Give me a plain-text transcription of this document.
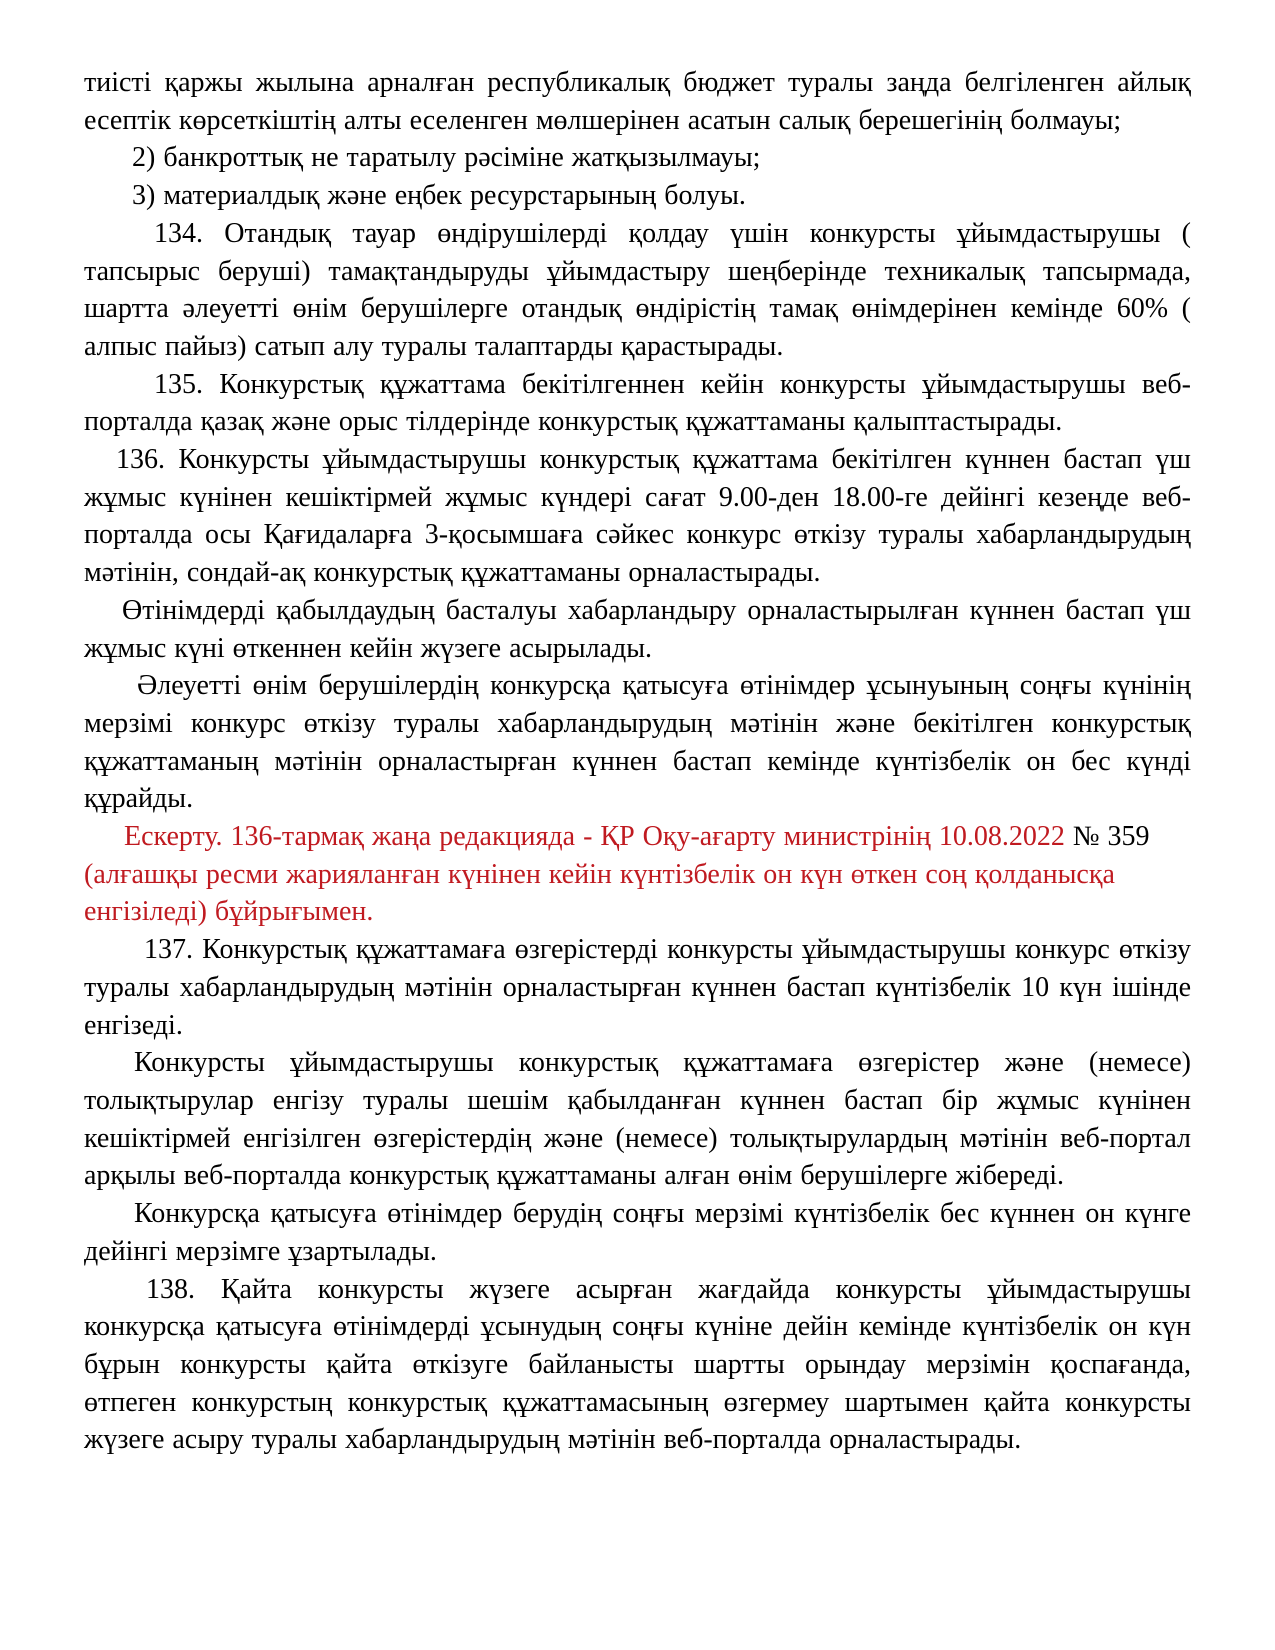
тиісті қаржы жылына арналған республикалық бюджет туралы заңда белгіленген айлық есептік көрсеткіштің алты еселенген мөлшерінен асатын салық берешегінің болмауы;

2) банкроттық не таратылу рәсіміне жатқызылмауы;

3) материалдық және еңбек ресурстарының болуы.

134. Отандық тауар өндірушілерді қолдау үшін конкурсты ұйымдастырушы ( тапсырыс беруші) тамақтандыруды ұйымдастыру шеңберінде техникалық тапсырмада, шартта әлеуетті өнім берушілерге отандық өндірістің тамақ өнімдерінен кемінде 60% ( алпыс пайыз) сатып алу туралы талаптарды қарастырады.

135. Конкурстық құжаттама бекітілгеннен кейін конкурсты ұйымдастырушы веб-порталда қазақ және орыс тілдерінде конкурстық құжаттаманы қалыптастырады.

136. Конкурсты ұйымдастырушы конкурстық құжаттама бекітілген күннен бастап үш жұмыс күнінен кешіктірмей жұмыс күндері сағат 9.00-ден 18.00-ге дейінгі кезеңде веб-порталда осы Қағидаларға 3-қосымшаға сәйкес конкурс өткізу туралы хабарландырудың мәтінін, сондай-ақ конкурстық құжаттаманы орналастырады.

Өтінімдерді қабылдаудың басталуы хабарландыру орналастырылған күннен бастап үш жұмыс күні өткеннен кейін жүзеге асырылады.

Әлеуетті өнім берушілердің конкурсқа қатысуға өтінімдер ұсынуының соңғы күнінің мерзімі конкурс өткізу туралы хабарландырудың мәтінін және бекітілген конкурстық құжаттаманың мәтінін орналастырған күннен бастап кемінде күнтізбелік он бес күнді құрайды.

Ескерту. 136-тармақ жаңа редакцияда - ҚР Оқу-ағарту министрінің 10.08.2022 № 359 (алғашқы ресми жарияланған күнінен кейін күнтізбелік он күн өткен соң қолданысқа енгізіледі) бұйрығымен.

137. Конкурстық құжаттамаға өзгерістерді конкурсты ұйымдастырушы конкурс өткізу туралы хабарландырудың мәтінін орналастырған күннен бастап күнтізбелік 10 күн ішінде енгізеді.

Конкурсты ұйымдастырушы конкурстық құжаттамаға өзгерістер және (немесе) толықтырулар енгізу туралы шешім қабылданған күннен бастап бір жұмыс күнінен кешіктірмей енгізілген өзгерістердің және (немесе) толықтырулардың мәтінін веб-портал арқылы веб-порталда конкурстық құжаттаманы алған өнім берушілерге жібереді.

Конкурсқа қатысуға өтінімдер берудің соңғы мерзімі күнтізбелік бес күннен он күнге дейінгі мерзімге ұзартылады.

138. Қайта конкурсты жүзеге асырған жағдайда конкурсты ұйымдастырушы конкурсқа қатысуға өтінімдерді ұсынудың соңғы күніне дейін кемінде күнтізбелік он күн бұрын конкурсты қайта өткізуге байланысты шартты орындау мерзімін қоспағанда, өтпеген конкурстың конкурстық құжаттамасының өзгермеу шартымен қайта конкурсты жүзеге асыру туралы хабарландырудың мәтінін веб-порталда орналастырады.
